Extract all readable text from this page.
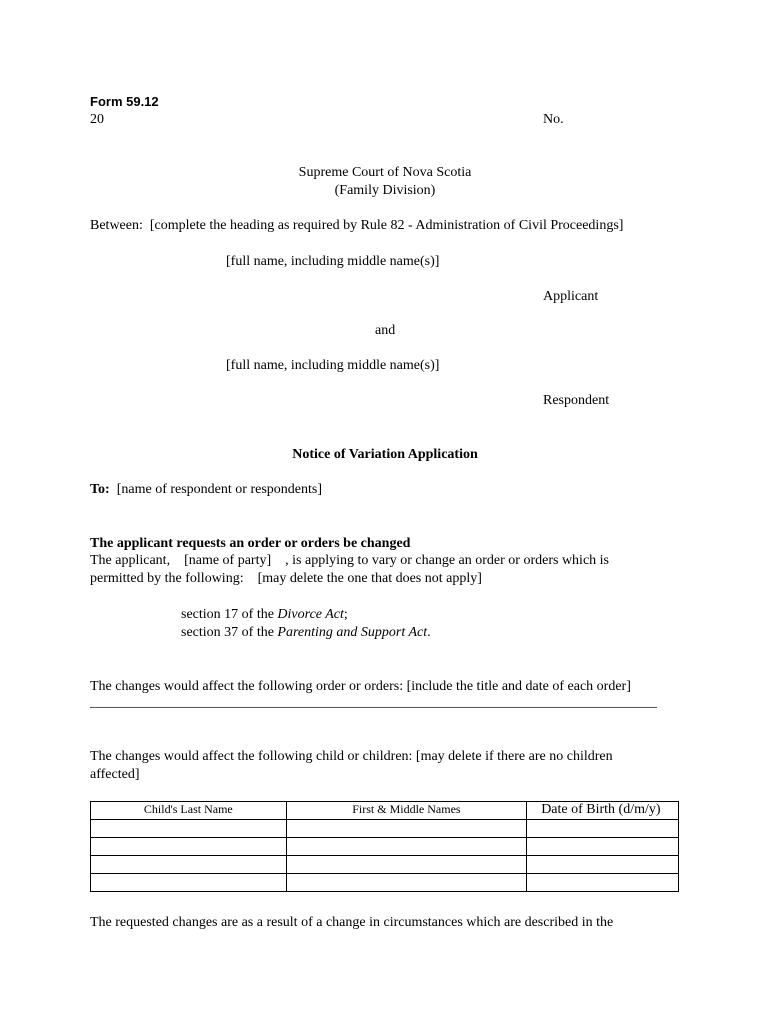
Form 59.12
20	No.
Supreme Court of Nova Scotia
(Family Division)
Between: [complete the heading as required by Rule 82 - Administration of Civil Proceedings]
[full name, including middle name(s)]
Applicant
and
[full name, including middle name(s)]
Respondent
Notice of Variation Application
To: [name of respondent or respondents]
The applicant requests an order or orders be changed
The applicant,    [name of party]    , is applying to vary or change an order or orders which is
permitted by the following:    [may delete the one that does not apply]
section 17 of the Divorce Act;
section 37 of the Parenting and Support Act.
The changes would affect the following order or orders: [include the title and date of each order]
_________________________________________________________________________________
The changes would affect the following child or children: [may delete if there are no children
affected]
Child's Last Name	First & Middle Names	Date of Birth (d/m/y)

The requested changes are as a result of a change in circumstances which are described in the
